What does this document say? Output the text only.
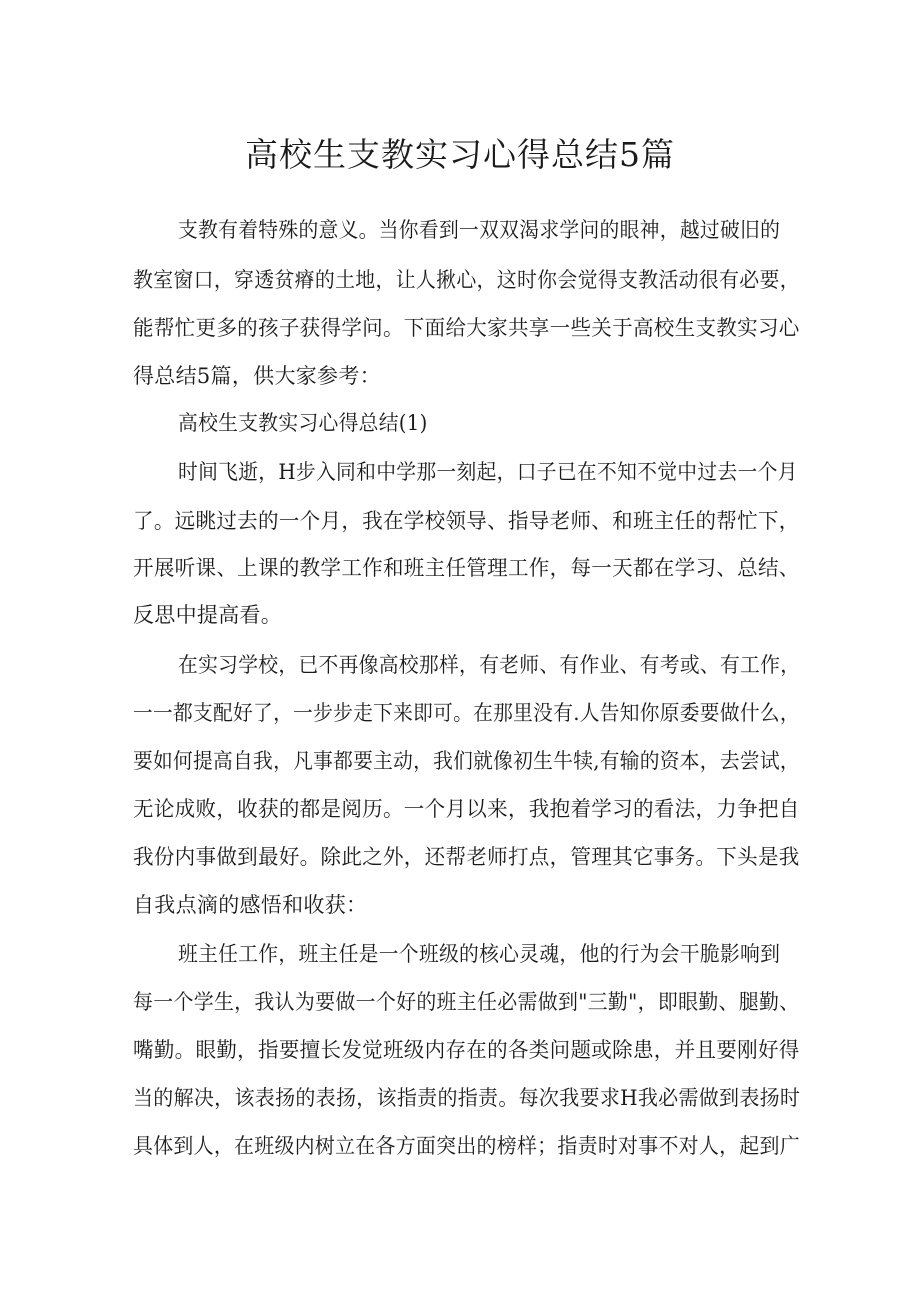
高校生支教实习心得总结5篇
支教有着特殊的意义。当你看到一双双渴求学问的眼神，越过破旧的
教室窗口，穿透贫瘠的土地，让人揪心，这时你会觉得支教活动很有必要，
能帮忙更多的孩子获得学问。下面给大家共享一些关于高校生支教实习心
得总结5篇，供大家参考：
高校生支教实习心得总结(1)
时间飞逝，H步入同和中学那一刻起，口子已在不知不觉中过去一个月
了。远眺过去的一个月，我在学校领导、指导老师、和班主任的帮忙下，
开展听课、上课的教学工作和班主任管理工作，每一天都在学习、总结、
反思中提高看。
在实习学校，已不再像高校那样，有老师、有作业、有考或、有工作，
一一都支配好了，一步步走下来即可。在那里没有.人告知你原委要做什么，
要如何提高自我，凡事都要主动，我们就像初生牛犊,有输的资本，去尝试，
无论成败，收获的都是阅历。一个月以来，我抱着学习的看法，力争把自
我份内事做到最好。除此之外，还帮老师打点，管理其它事务。下头是我
自我点滴的感悟和收获：
班主任工作，班主任是一个班级的核心灵魂，他的行为会干脆影响到
每一个学生，我认为要做一个好的班主任必需做到"三勤"，即眼勤、腿勤、
嘴勤。眼勤，指要擅长发觉班级内存在的各类问题或除患，并且要刚好得
当的解决，该表扬的表扬，该指责的指责。每次我要求H我必需做到表扬时
具体到人，在班级内树立在各方面突出的榜样；指责时对事不对人，起到广
